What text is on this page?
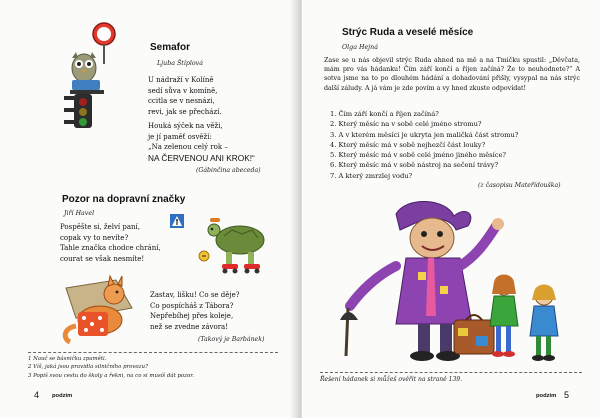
Semafor
Ljuba Štíplová
U nádraží v Kolíně
sedí sůva v komíně,
ccitla se v nesnázi,
revi, jak se přechází.
Houká sýček na věži,
je jí paměť osvěží:
„Na zelenou celý rok –
NA ČERVENOU ANI KROK!“
(Gábinčina abeceda)
Pozor na dopravní značky
Jiří Havel
Pospěšte si, želví paní,
copak vy to nevíte?
Tahle značka chodce chrání,
courat se však nesmíte!
Zastav, lišku! Co se děje?
Co pospícháš z Tábora?
Nepřebíhej přes koleje,
než se zvedne závora!
(Takový je Barbánek)
1 Nauč se básničku zpaměti.
2 Víš, jaká jsou pravidla silničního provozu?
3 Popiš svou cestu do školy a řekni, na co si musíš dát pozor.
4 podzim
Strýc Ruda a veselé měsíce
Olga Hejná
Zase se u nás objevil strýc Ruda ahned na mě a na Tmičku spustil: „Děvčata, mám pro vás hádanku! Čím září končí a říjen začíná? Že to neuhodnete?“ A sotva jsme na to po dlouhém hádání a dohadování přišly, vysypal na nás strýc další záludy. A já vám je zde povím a vy hned zkuste odpovídat!
1. Čím září končí a říjen začíná?
2. Který měsíc na v sobě celé jméno stromu?
3. A v kterém měsíci je ukryta jen maličká část stromu?
4. Který měsíc má v sobě nejhezčí část louky?
5. Který měsíc má v sobě celé jméno jiného měsíce?
6. Který měsíc má v sobě nástroj na sečení trávy?
7. A který zmrzlej vodu?
(z časopisu Mateřídouška)
Řešení hádanek si můžeš ověřit na straně 139.
podzim 5
